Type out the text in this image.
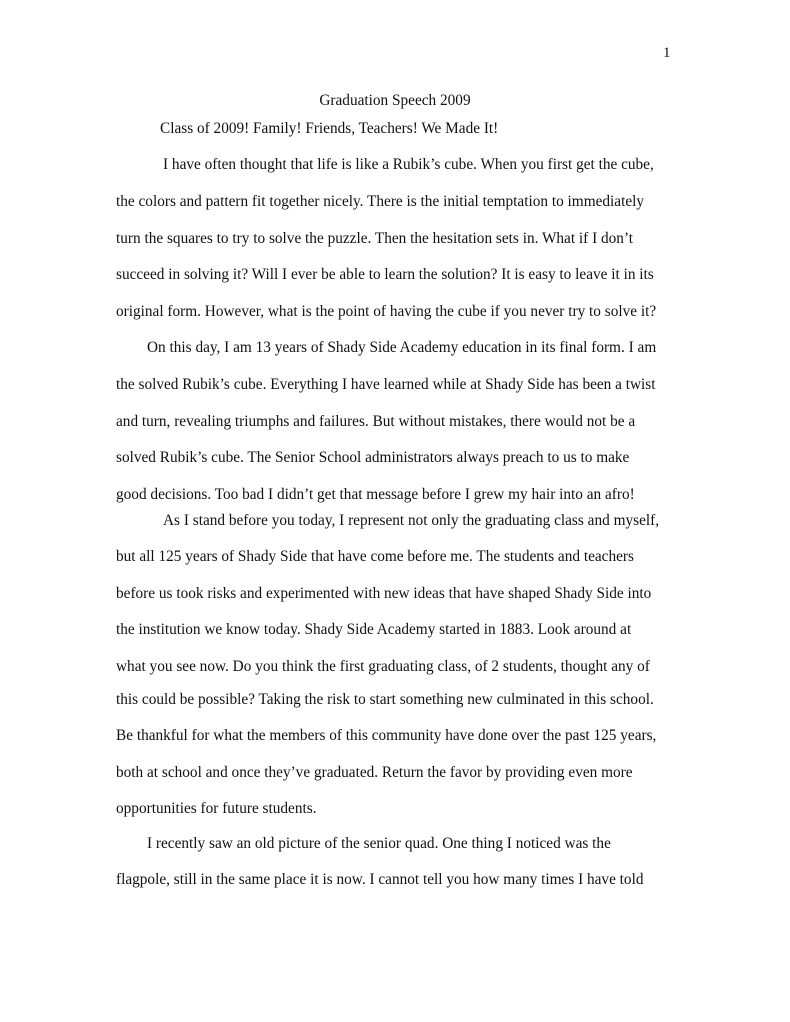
1
Graduation Speech 2009
Class of 2009! Family! Friends, Teachers! We Made It!
I have often thought that life is like a Rubik’s cube. When you first get the cube,
the colors and pattern fit together nicely. There is the initial temptation to immediately
turn the squares to try to solve the puzzle. Then the hesitation sets in. What if I don’t
succeed in solving it? Will I ever be able to learn the solution? It is easy to leave it in its
original form. However, what is the point of having the cube if you never try to solve it?
On this day, I am 13 years of Shady Side Academy education in its final form. I am
the solved Rubik’s cube. Everything I have learned while at Shady Side has been a twist
and turn, revealing triumphs and failures. But without mistakes, there would not be a
solved Rubik’s cube. The Senior School administrators always preach to us to make
good decisions. Too bad I didn’t get that message before I grew my hair into an afro!
As I stand before you today, I represent not only the graduating class and myself,
but all 125 years of Shady Side that have come before me. The students and teachers
before us took risks and experimented with new ideas that have shaped Shady Side into
the institution we know today. Shady Side Academy started in 1883. Look around at
what you see now. Do you think the first graduating class, of 2 students, thought any of
this could be possible? Taking the risk to start something new culminated in this school.
Be thankful for what the members of this community have done over the past 125 years,
both at school and once they’ve graduated. Return the favor by providing even more
opportunities for future students.
I recently saw an old picture of the senior quad. One thing I noticed was the
flagpole, still in the same place it is now. I cannot tell you how many times I have told
